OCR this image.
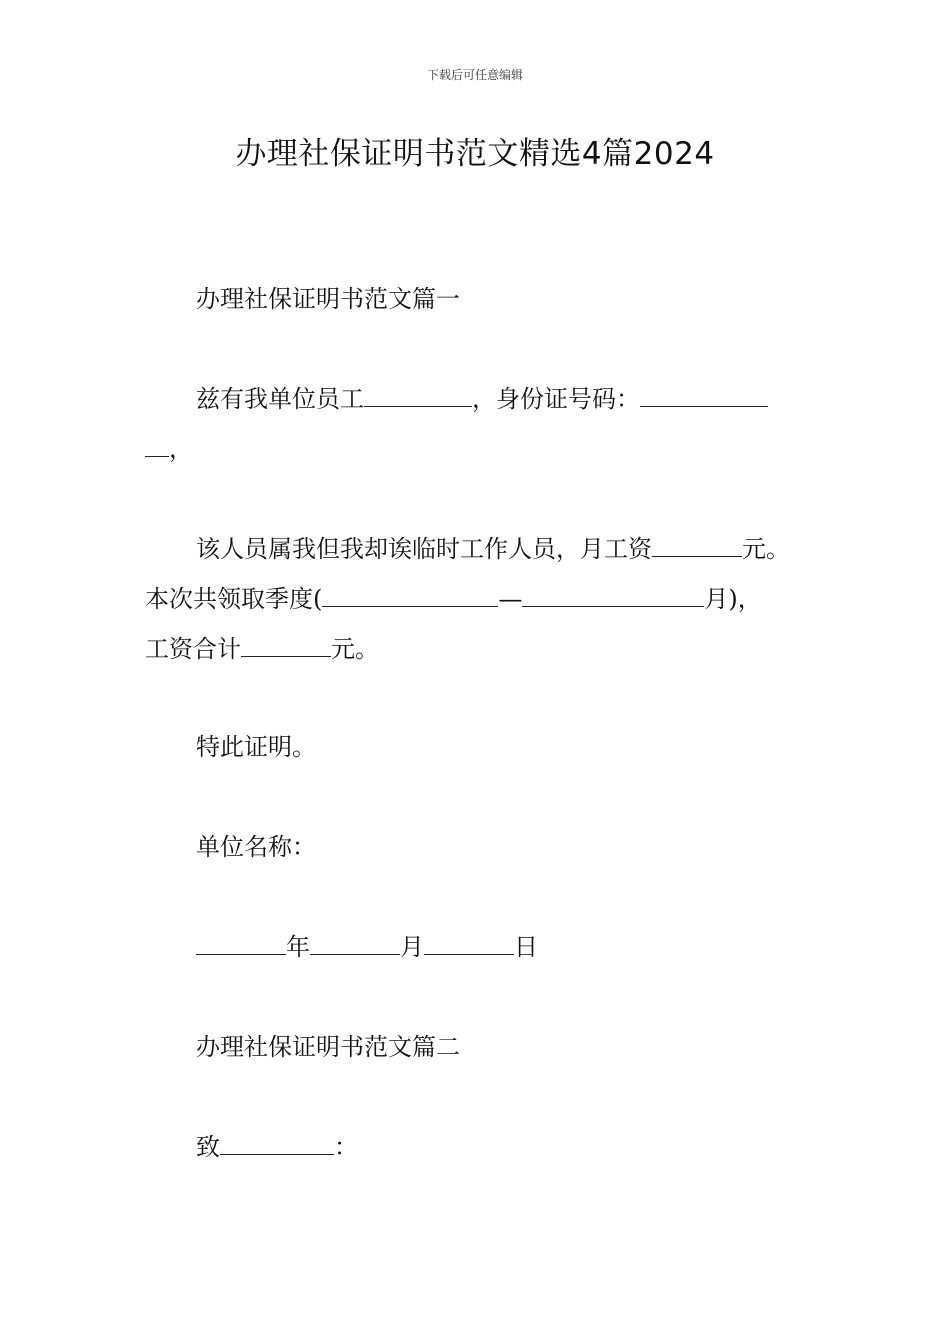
下载后可任意编辑
办理社保证明书范文精选4篇2024

办理社保证明书范文篇一

兹有我单位员工	，身份证号码：
，

该人员属我但我却诶临时工作人员，月工资	元。
本次共领取季度(	—	月)，
工资合计	元。

特此证明。

单位名称：

年	月	日

办理社保证明书范文篇二

致	：
